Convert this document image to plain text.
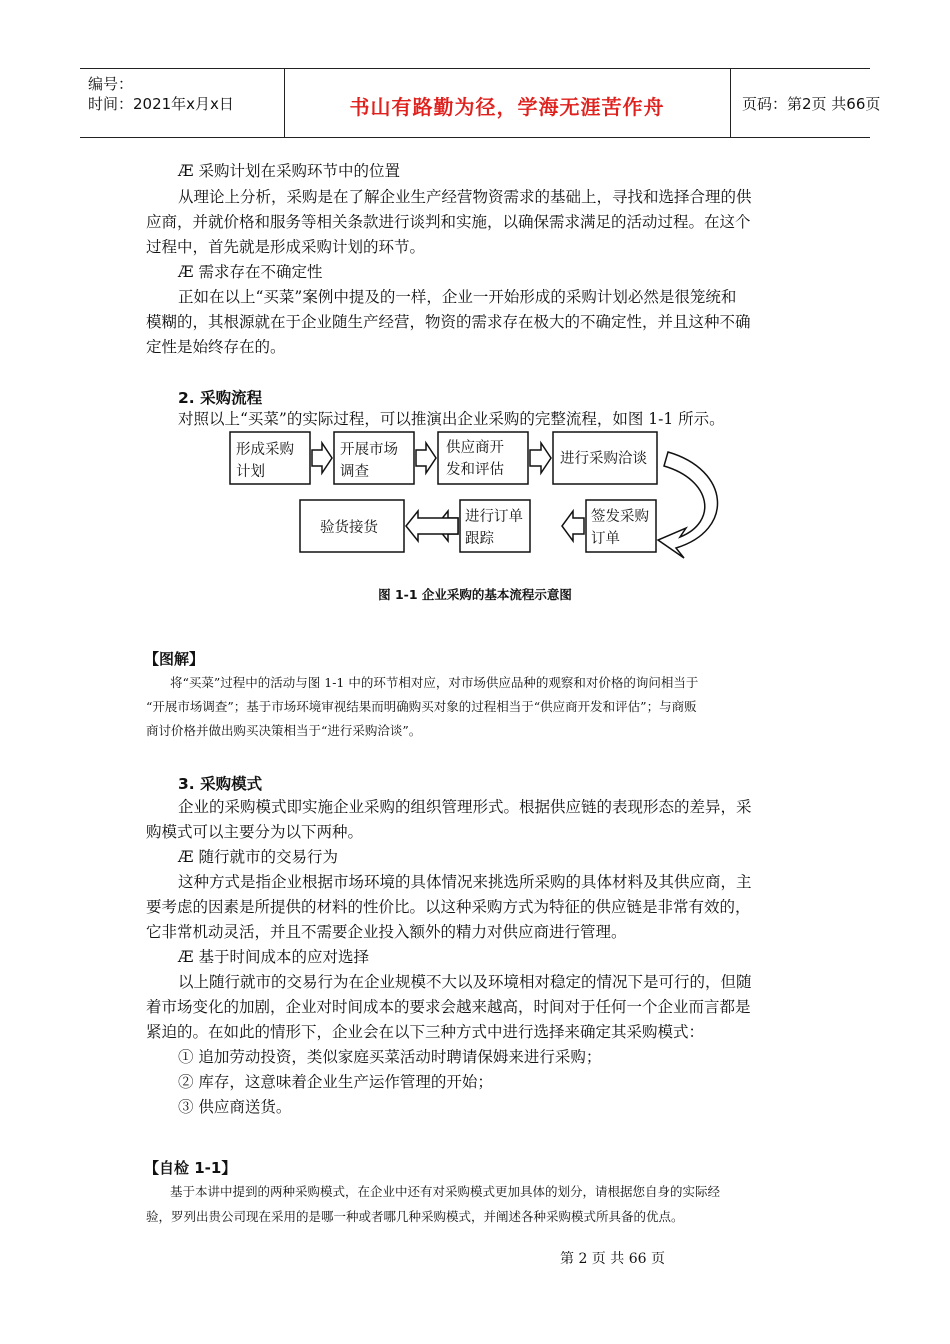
编号：
时间：2021年x月x日	书山有路勤为径，学海无涯苦作舟	页码：第2页 共66页
Æ 采购计划在采购环节中的位置
从理论上分析，采购是在了解企业生产经营物资需求的基础上，寻找和选择合理的供
应商，并就价格和服务等相关条款进行谈判和实施，以确保需求满足的活动过程。在这个
过程中，首先就是形成采购计划的环节。
Æ 需求存在不确定性
正如在以上“买菜”案例中提及的一样，企业一开始形成的采购计划必然是很笼统和
模糊的，其根源就在于企业随生产经营，物资的需求存在极大的不确定性，并且这种不确
定性是始终存在的。
2. 采购流程
对照以上“买菜”的实际过程，可以推演出企业采购的完整流程，如图 1-1 所示。
形成采购
计划
开展市场
调查
供应商开
发和评估
进行采购洽谈
签发采购
订单
进行订单
跟踪
验货接货
图 1-1 企业采购的基本流程示意图
【图解】
将“买菜”过程中的活动与图 1-1 中的环节相对应，对市场供应品种的观察和对价格的询问相当于
“开展市场调查”；基于市场环境审视结果而明确购买对象的过程相当于“供应商开发和评估”；与商贩
商讨价格并做出购买决策相当于“进行采购洽谈”。
3. 采购模式
企业的采购模式即实施企业采购的组织管理形式。根据供应链的表现形态的差异，采
购模式可以主要分为以下两种。
Æ 随行就市的交易行为
这种方式是指企业根据市场环境的具体情况来挑选所采购的具体材料及其供应商，主
要考虑的因素是所提供的材料的性价比。以这种采购方式为特征的供应链是非常有效的，
它非常机动灵活，并且不需要企业投入额外的精力对供应商进行管理。
Æ 基于时间成本的应对选择
以上随行就市的交易行为在企业规模不大以及环境相对稳定的情况下是可行的，但随
着市场变化的加剧，企业对时间成本的要求会越来越高，时间对于任何一个企业而言都是
紧迫的。在如此的情形下，企业会在以下三种方式中进行选择来确定其采购模式：
① 追加劳动投资，类似家庭买菜活动时聘请保姆来进行采购；
② 库存，这意味着企业生产运作管理的开始；
③ 供应商送货。
【自检 1-1】
基于本讲中提到的两种采购模式，在企业中还有对采购模式更加具体的划分，请根据您自身的实际经
验，罗列出贵公司现在采用的是哪一种或者哪几种采购模式，并阐述各种采购模式所具备的优点。
第 2 页 共 66 页
